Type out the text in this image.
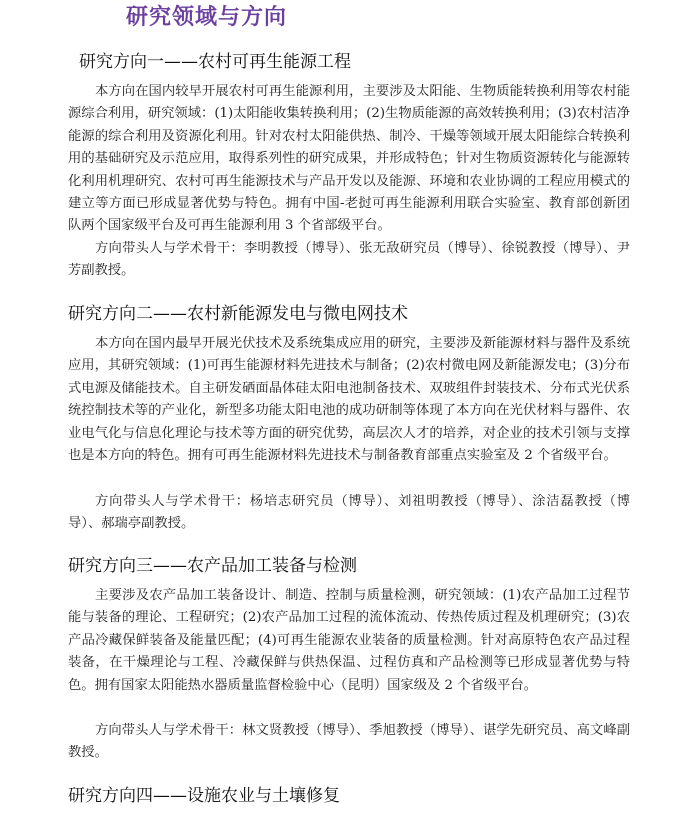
研究领域与方向
研究方向一——农村可再生能源工程

本方向在国内较早开展农村可再生能源利用，主要涉及太阳能、生物质能转换利用等农村能源综合利用，研究领域：(1)太阳能收集转换利用；(2)生物质能源的高效转换利用；(3)农村洁净能源的综合利用及资源化利用。针对农村太阳能供热、制冷、干燥等领域开展太阳能综合转换利用的基础研究及示范应用，取得系列性的研究成果，并形成特色；针对生物质资源转化与能源转化利用机理研究、农村可再生能源技术与产品开发以及能源、环境和农业协调的工程应用模式的建立等方面已形成显著优势与特色。拥有中国-老挝可再生能源利用联合实验室、教育部创新团队两个国家级平台及可再生能源利用 3 个省部级平台。

方向带头人与学术骨干：李明教授（博导）、张无敌研究员（博导）、徐锐教授（博导）、尹芳副教授。

研究方向二——农村新能源发电与微电网技术

本方向在国内最早开展光伏技术及系统集成应用的研究，主要涉及新能源材料与器件及系统应用，其研究领域：(1)可再生能源材料先进技术与制备；(2)农村微电网及新能源发电；(3)分布式电源及储能技术。自主研发硒面晶体硅太阳电池制备技术、双玻组件封装技术、分布式光伏系统控制技术等的产业化，新型多功能太阳电池的成功研制等体现了本方向在光伏材料与器件、农业电气化与信息化理论与技术等方面的研究优势，高层次人才的培养，对企业的技术引领与支撑也是本方向的特色。拥有可再生能源材料先进技术与制备教育部重点实验室及 2 个省级平台。

方向带头人与学术骨干：杨培志研究员（博导）、刘祖明教授（博导）、涂洁磊教授（博导）、郝瑞亭副教授。

研究方向三——农产品加工装备与检测

主要涉及农产品加工装备设计、制造、控制与质量检测，研究领域：(1)农产品加工过程节能与装备的理论、工程研究；(2)农产品加工过程的流体流动、传热传质过程及机理研究；(3)农产品冷藏保鲜装备及能量匹配；(4)可再生能源农业装备的质量检测。针对高原特色农产品过程装备，在干燥理论与工程、冷藏保鲜与供热保温、过程仿真和产品检测等已形成显著优势与特色。拥有国家太阳能热水器质量监督检验中心（昆明）国家级及 2 个省级平台。

方向带头人与学术骨干：林文贤教授（博导）、季旭教授（博导）、谌学先研究员、高文峰副教授。

研究方向四——设施农业与土壤修复
